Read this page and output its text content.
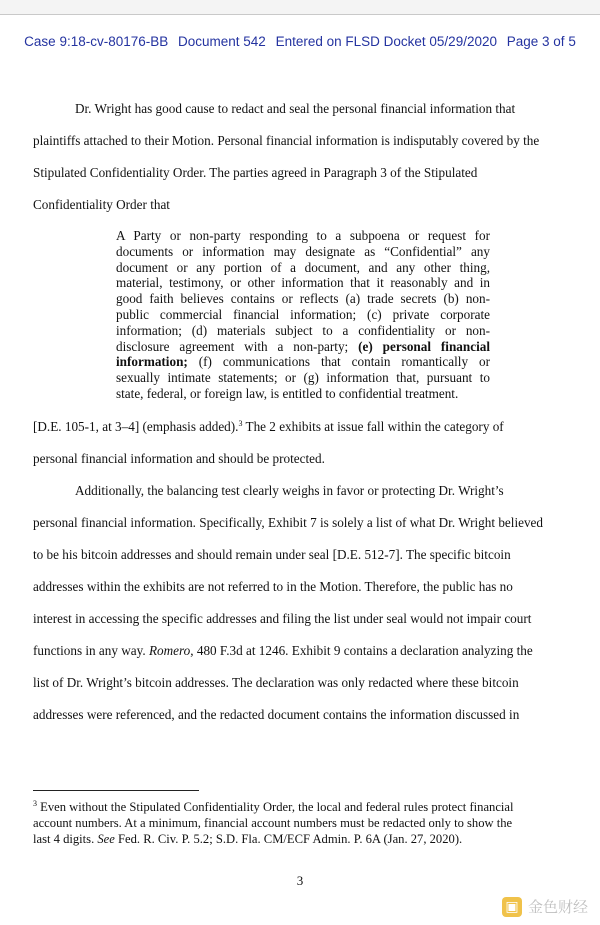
Case 9:18-cv-80176-BB Document 542 Entered on FLSD Docket 05/29/2020 Page 3 of 5
Dr. Wright has good cause to redact and seal the personal financial information that
plaintiffs attached to their Motion. Personal financial information is indisputably covered by the
Stipulated Confidentiality Order. The parties agreed in Paragraph 3 of the Stipulated
Confidentiality Order that
A Party or non-party responding to a subpoena or request for
documents or information may designate as “Confidential” any
document or any portion of a document, and any other thing,
material, testimony, or other information that it reasonably and in
good faith believes contains or reflects (a) trade secrets (b) non-
public commercial financial information; (c) private corporate
information; (d) materials subject to a confidentiality or non-
disclosure agreement with a non-party; (e) personal financial
information; (f) communications that contain romantically or
sexually intimate statements; or (g) information that, pursuant to
state, federal, or foreign law, is entitled to confidential treatment.
[D.E. 105-1, at 3–4] (emphasis added).$^3$ The 2 exhibits at issue fall within the category of
personal financial information and should be protected.
Additionally, the balancing test clearly weighs in favor or protecting Dr. Wright’s
personal financial information. Specifically, Exhibit 7 is solely a list of what Dr. Wright believed
to be his bitcoin addresses and should remain under seal [D.E. 512-7]. The specific bitcoin
addresses within the exhibits are not referred to in the Motion. Therefore, the public has no
interest in accessing the specific addresses and filing the list under seal would not impair court
functions in any way. Romero, 480 F.3d at 1246. Exhibit 9 contains a declaration analyzing the
list of Dr. Wright’s bitcoin addresses. The declaration was only redacted where these bitcoin
addresses were referenced, and the redacted document contains the information discussed in
$^3$ Even without the Stipulated Confidentiality Order, the local and federal rules protect financial
account numbers. At a minimum, financial account numbers must be redacted only to show the
last 4 digits. See Fed. R. Civ. P. 5.2; S.D. Fla. CM/ECF Admin. P. 6A (Jan. 27, 2020).
3
▣ 金色财经
